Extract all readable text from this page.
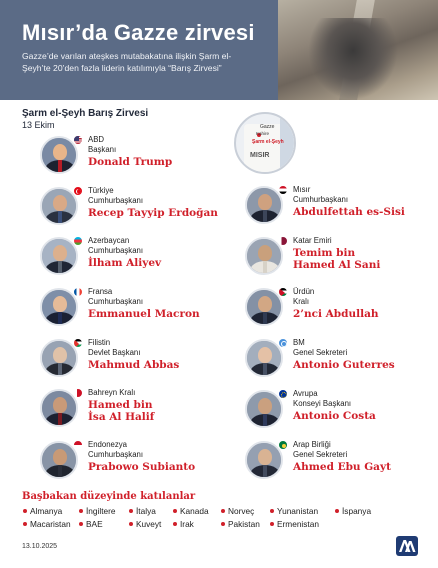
Mısır’da Gazze zirvesi
Gazze’de varılan ateşkes mutabakatına ilişkin Şarm el-Şeyh’te 20’den fazla liderin katılımıyla “Barış Zirvesi”
Şarm el-Şeyh Barış Zirvesi
13 Ekim	Gazze
Kahire
Şarm el-Şeyh
MISIR
ABD
Başkanı
Donald Trump
Türkiye
Cumhurbaşkanı
Recep Tayyip Erdoğan
Azerbaycan
Cumhurbaşkanı
İlham Aliyev
Fransa
Cumhurbaşkanı
Emmanuel Macron
Filistin
Devlet Başkanı
Mahmud Abbas
Bahreyn Kralı
Hamed bin
İsa Al Halif
Endonezya
Cumhurbaşkanı
Prabowo Subianto
Mısır
Cumhurbaşkanı
Abdulfettah es-Sisi
Katar Emiri
Temim bin
Hamed Al Sani
Ürdün
Kralı
2’nci Abdullah
BM
Genel Sekreteri
Antonio Guterres
Avrupa
Konseyi Başkanı
Antonio Costa
Arap Birliği
Genel Sekreteri
Ahmed Ebu Gayt
Başbakan düzeyinde katılanlar
Almanya	İngiltere İtalya	Kanada Norveç	Yunanistan	İspanya
Macaristan BAE	Kuveyt Irak	Pakistan Ermenistan
13.10.2025
